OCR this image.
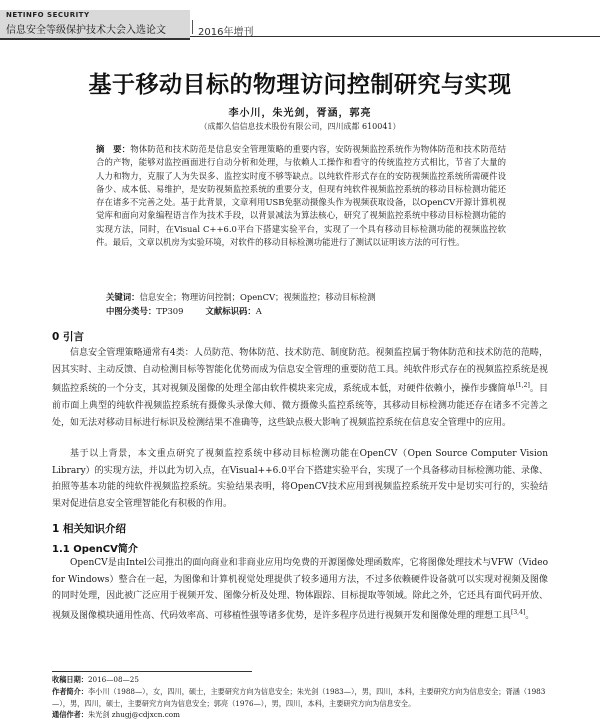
NETINFO SECURITY
信息安全等级保护技术大会入选论文	2016年增刊
基于移动目标的物理访问控制研究与实现
李小川，朱光剑，胥涵，郭亮
（成都久信信息技术股份有限公司，四川成都 610041）
摘　要：物体防范和技术防范是信息安全管理策略的重要内容，安防视频监控系统作为物体防范和技术防范结合的产物，能够对监控画面进行自动分析和处理，与依赖人工操作和看守的传统监控方式相比，节省了大量的人力和物力，克服了人为失误多、监控实时度不够等缺点。以纯软件形式存在的安防视频监控系统所需硬件设备少、成本低、易维护，是安防视频监控系统的重要分支，但现有纯软件视频监控系统的移动目标检测功能还存在诸多不完善之处。基于此背景，文章利用USB免驱动摄像头作为视频获取设备，以OpenCV开源计算机视觉库和面向对象编程语言作为技术手段，以背景减法为算法核心，研究了视频监控系统中移动目标检测功能的实现方法，同时，在Visual C++6.0平台下搭建实验平台，实现了一个具有移动目标检测功能的视频监控软件。最后，文章以机房为实验环境，对软件的移动目标检测功能进行了测试以证明该方法的可行性。
关键词：信息安全；物理访问控制；OpenCV；视频监控；移动目标检测
中图分类号：TP309	文献标识码：A
0 引言
信息安全管理策略通常有4类：人员防范、物体防范、技术防范、制度防范。视频监控属于物体防范和技术防范的范畴，因其实时、主动反馈、自动检测目标等智能化优势而成为信息安全管理的重要防范工具。纯软件形式存在的视频监控系统是视频监控系统的一个分支，其对视频及图像的处理全部由软件模块来完成，系统成本低，对硬件依赖小，操作步骤简单[1,2]。目前市面上典型的纯软件视频监控系统有摄像头录像大师、微方摄像头监控系统等，其移动目标检测功能还存在诸多不完善之处，如无法对移动目标进行标识及检测结果不准确等，这些缺点极大影响了视频监控系统在信息安全管理中的应用。
基于以上背景，本文重点研究了视频监控系统中移动目标检测功能在OpenCV（Open Source Computer Vision Library）的实现方法，并以此为切入点，在Visual++6.0平台下搭建实验平台，实现了一个具备移动目标检测功能、录像、拍照等基本功能的纯软件视频监控系统。实验结果表明，将OpenCV技术应用到视频监控系统开发中是切实可行的，实验结果对促进信息安全管理智能化有积极的作用。
1 相关知识介绍
1.1 OpenCV简介
OpenCV是由Intel公司推出的面向商业和非商业应用均免费的开源图像处理函数库，它将图像处理技术与VFW（Video for Windows）整合在一起，为图像和计算机视觉处理提供了较多通用方法，不过多依赖硬件设备就可以实现对视频及图像的同时处理，因此被广泛应用于视频开发、图像分析及处理、物体跟踪、目标提取等领域。除此之外，它还具有面代码开放、视频及图像模块通用性高、代码效率高、可移植性强等诸多优势，是许多程序员进行视频开发和图像处理的理想工具[3,4]。
收稿日期：2016—08—25
作者简介：李小川（1988—），女，四川，硕士，主要研究方向为信息安全；朱光剑（1983—），男，四川，本科，主要研究方向为信息安全；胥涵（1983—），男，四川，硕士，主要研究方向为信息安全；郭亮（1976—），男，四川，本科，主要研究方向为信息安全。
通信作者：朱光剑 zhugj@cdjxcn.com
